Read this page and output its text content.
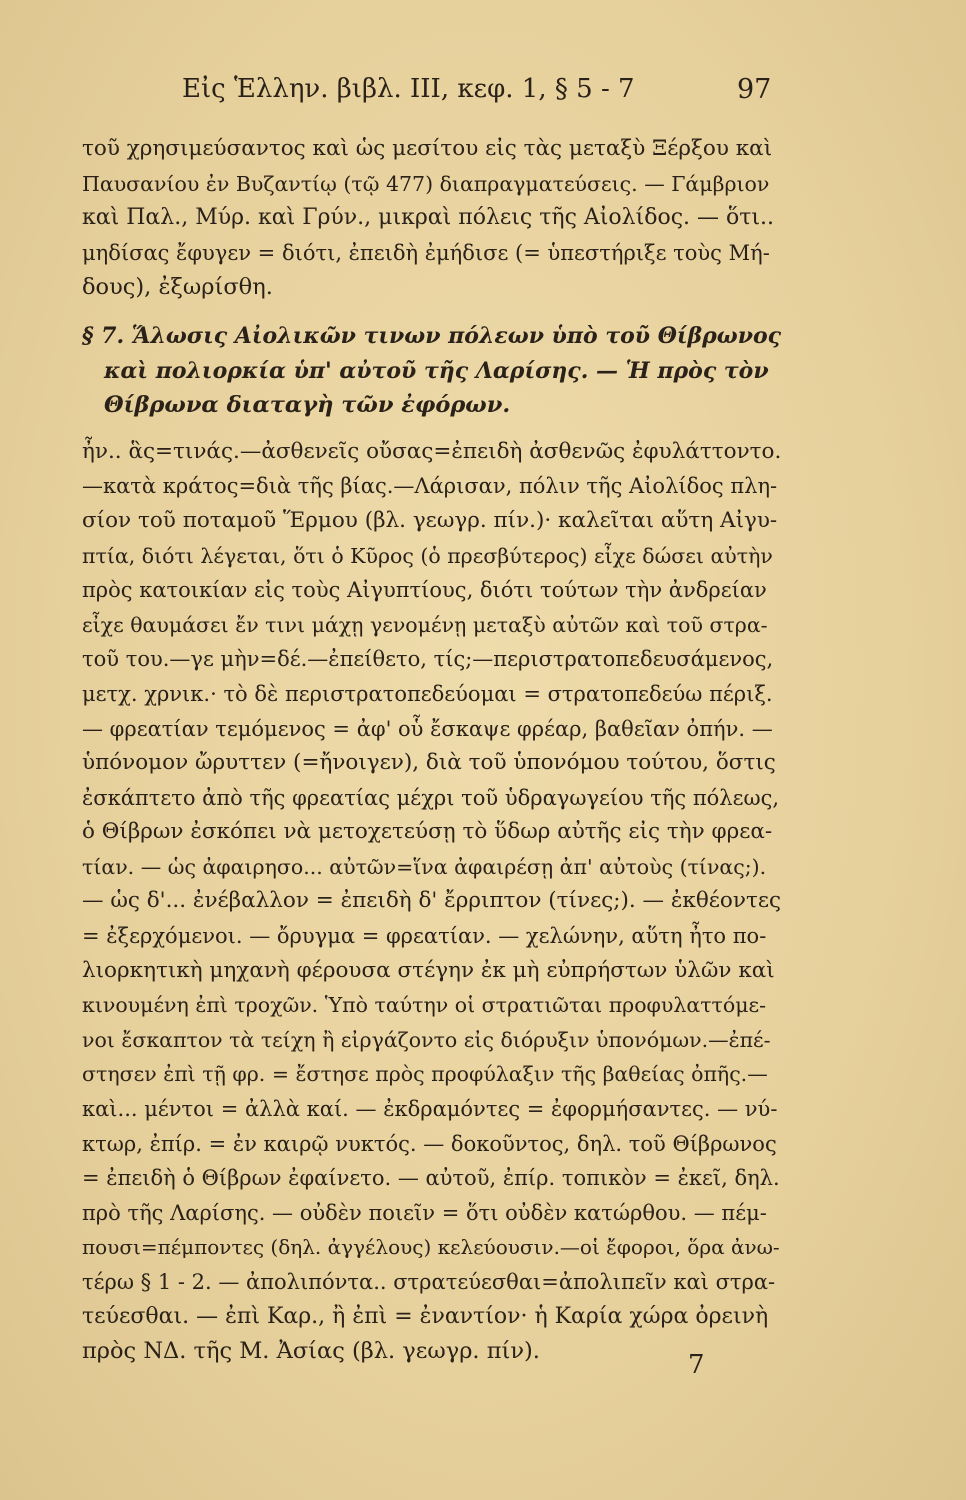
Εἰς Ἑλλην. βιβλ. III, κεφ. 1, § 5 - 7	97
τοῦ χρησιμεύσαντος καὶ ὡς μεσίτου εἰς τὰς μεταξὺ Ξέρξου καὶ
Παυσανίου ἐν Βυζαντίῳ (τῷ 477) διαπραγματεύσεις. — Γάμβριον
καὶ Παλ., Μύρ. καὶ Γρύν., μικραὶ πόλεις τῆς Αἰολίδος. — ὅτι..
μηδίσας ἔφυγεν = διότι, ἐπειδὴ ἐμήδισε (= ὑπεστήριξε τοὺς Μή-
δους), ἐξωρίσθη.
§ 7. Ἅλωσις Αἰολικῶν τινων πόλεων ὑπὸ τοῦ Θίβρωνος
καὶ πολιορκία ὑπ' αὐτοῦ τῆς Λαρίσης. — Ἡ πρὸς τὸν
Θίβρωνα διαταγὴ τῶν ἐφόρων.
ἦν.. ἃς=τινάς.—ἀσθενεῖς οὔσας=ἐπειδὴ ἀσθενῶς ἐφυλάττοντο.
—κατὰ κράτος=διὰ τῆς βίας.—Λάρισαν, πόλιν τῆς Αἰολίδος πλη-
σίον τοῦ ποταμοῦ Ἕρμου (βλ. γεωγρ. πίν.)· καλεῖται αὕτη Αἰγυ-
πτία, διότι λέγεται, ὅτι ὁ Κῦρος (ὁ πρεσβύτερος) εἶχε δώσει αὐτὴν
πρὸς κατοικίαν εἰς τοὺς Αἰγυπτίους, διότι τούτων τὴν ἀνδρείαν
εἶχε θαυμάσει ἔν τινι μάχῃ γενομένῃ μεταξὺ αὐτῶν καὶ τοῦ στρα-
τοῦ του.—γε μὴν=δέ.—ἐπείθετο, τίς;—περιστρατοπεδευσάμενος,
μετχ. χρνικ.· τὸ δὲ περιστρατοπεδεύομαι = στρατοπεδεύω πέριξ.
— φρεατίαν τεμόμενος = ἀφ' οὗ ἔσκαψε φρέαρ, βαθεῖαν ὀπήν. —
ὑπόνομον ὤρυττεν (=ἤνοιγεν), διὰ τοῦ ὑπονόμου τούτου, ὅστις
ἐσκάπτετο ἀπὸ τῆς φρεατίας μέχρι τοῦ ὑδραγωγείου τῆς πόλεως,
ὁ Θίβρων ἐσκόπει νὰ μετοχετεύσῃ τὸ ὕδωρ αὐτῆς εἰς τὴν φρεα-
τίαν. — ὡς ἀφαιρησο... αὐτῶν=ἵνα ἀφαιρέσῃ ἀπ' αὐτοὺς (τίνας;).
— ὡς δ'... ἐνέβαλλον = ἐπειδὴ δ' ἔρριπτον (τίνες;). — ἐκθέοντες
= ἐξερχόμενοι. — ὄρυγμα = φρεατίαν. — χελώνην, αὕτη ἦτο πο-
λιορκητικὴ μηχανὴ φέρουσα στέγην ἐκ μὴ εὐπρήστων ὑλῶν καὶ
κινουμένη ἐπὶ τροχῶν. Ὑπὸ ταύτην οἱ στρατιῶται προφυλαττόμε-
νοι ἔσκαπτον τὰ τείχη ἢ εἰργάζοντο εἰς διόρυξιν ὑπονόμων.—ἐπέ-
στησεν ἐπὶ τῇ φρ. = ἔστησε πρὸς προφύλαξιν τῆς βαθείας ὀπῆς.—
καὶ... μέντοι = ἀλλὰ καί. — ἐκδραμόντες = ἐφορμήσαντες. — νύ-
κτωρ, ἐπίρ. = ἐν καιρῷ νυκτός. — δοκοῦντος, δηλ. τοῦ Θίβρωνος
= ἐπειδὴ ὁ Θίβρων ἐφαίνετο. — αὐτοῦ, ἐπίρ. τοπικὸν = ἐκεῖ, δηλ.
πρὸ τῆς Λαρίσης. — οὐδὲν ποιεῖν = ὅτι οὐδὲν κατώρθου. — πέμ-
πουσι=πέμποντες (δηλ. ἀγγέλους) κελεύουσιν.—οἱ ἔφοροι, ὅρα ἀνω-
τέρω § 1 - 2. — ἀπολιπόντα.. στρατεύεσθαι=ἀπολιπεῖν καὶ στρα-
τεύεσθαι. — ἐπὶ Καρ., ἢ ἐπὶ = ἐναντίον· ἡ Καρία χώρα ὀρεινὴ
πρὸς ΝΔ. τῆς Μ. Ἀσίας (βλ. γεωγρ. πίν).	7
